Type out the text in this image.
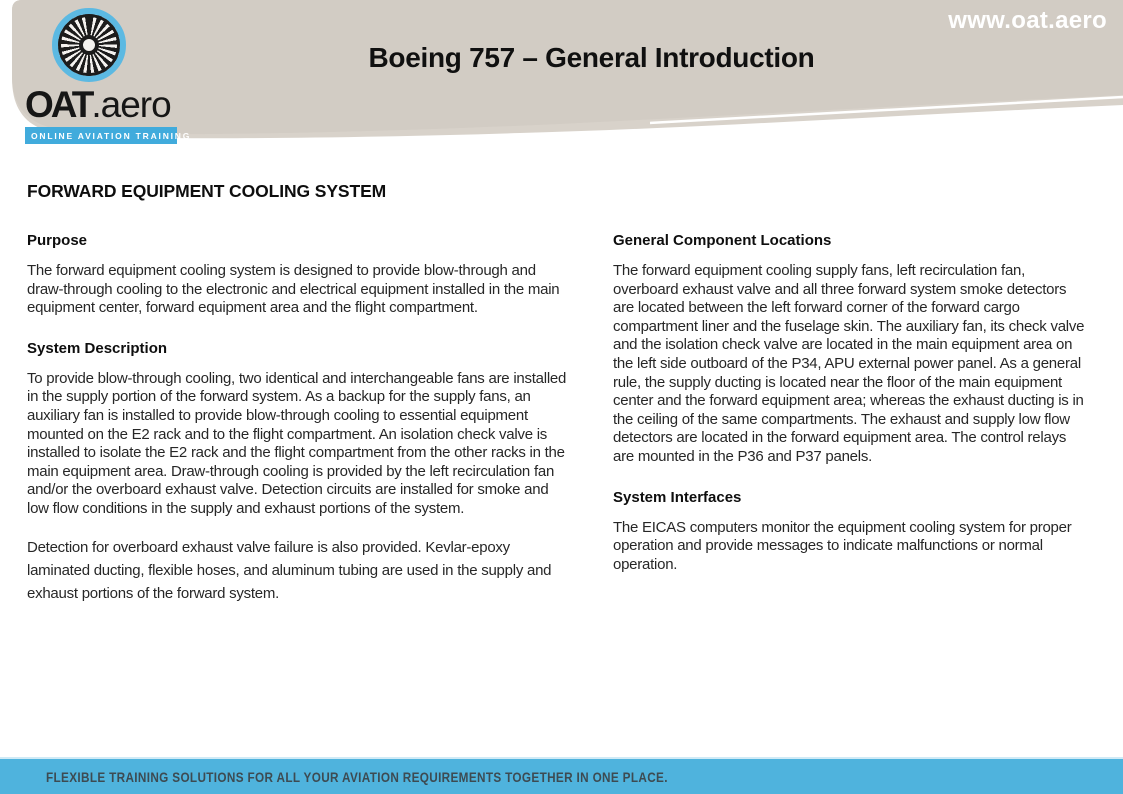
OAT.aero
ONLINE AVIATION TRAINING
Boeing 757 – General Introduction
www.oat.aero
FORWARD EQUIPMENT COOLING SYSTEM
Purpose

The forward equipment cooling system is designed to provide blow-through and draw-through cooling to the electronic and electrical equipment installed in the main equipment center, forward equipment area and the flight compartment.

System Description

To provide blow-through cooling, two identical and interchangeable fans are installed in the supply portion of the forward system. As a backup for the supply fans, an auxiliary fan is installed to provide blow-through cooling to essential equipment mounted on the E2 rack and to the flight compartment. An isolation check valve is installed to isolate the E2 rack and the flight compartment from the other racks in the main equipment area. Draw-through cooling is provided by the left recirculation fan and/or the overboard exhaust valve. Detection circuits are installed for smoke and low flow conditions in the supply and exhaust portions of the system.

Detection for overboard exhaust valve failure is also provided. Kevlar-epoxy laminated ducting, flexible hoses, and aluminum tubing are used in the supply and exhaust portions of the forward system.

General Component Locations

The forward equipment cooling supply fans, left recirculation fan, overboard exhaust valve and all three forward system smoke detectors are located between the left forward corner of the forward cargo compartment liner and the fuselage skin. The auxiliary fan, its check valve and the isolation check valve are located in the main equipment area on the left side outboard of the P34, APU external power panel. As a general rule, the supply ducting is located near the floor of the main equipment center and the forward equipment area; whereas the exhaust ducting is in the ceiling of the same compartments. The exhaust and supply low flow detectors are located in the forward equipment area. The control relays are mounted in the P36 and P37 panels.

System Interfaces

The EICAS computers monitor the equipment cooling system for proper operation and provide messages to indicate malfunctions or normal operation.

FLEXIBLE TRAINING SOLUTIONS FOR ALL YOUR AVIATION REQUIREMENTS TOGETHER IN ONE PLACE.
